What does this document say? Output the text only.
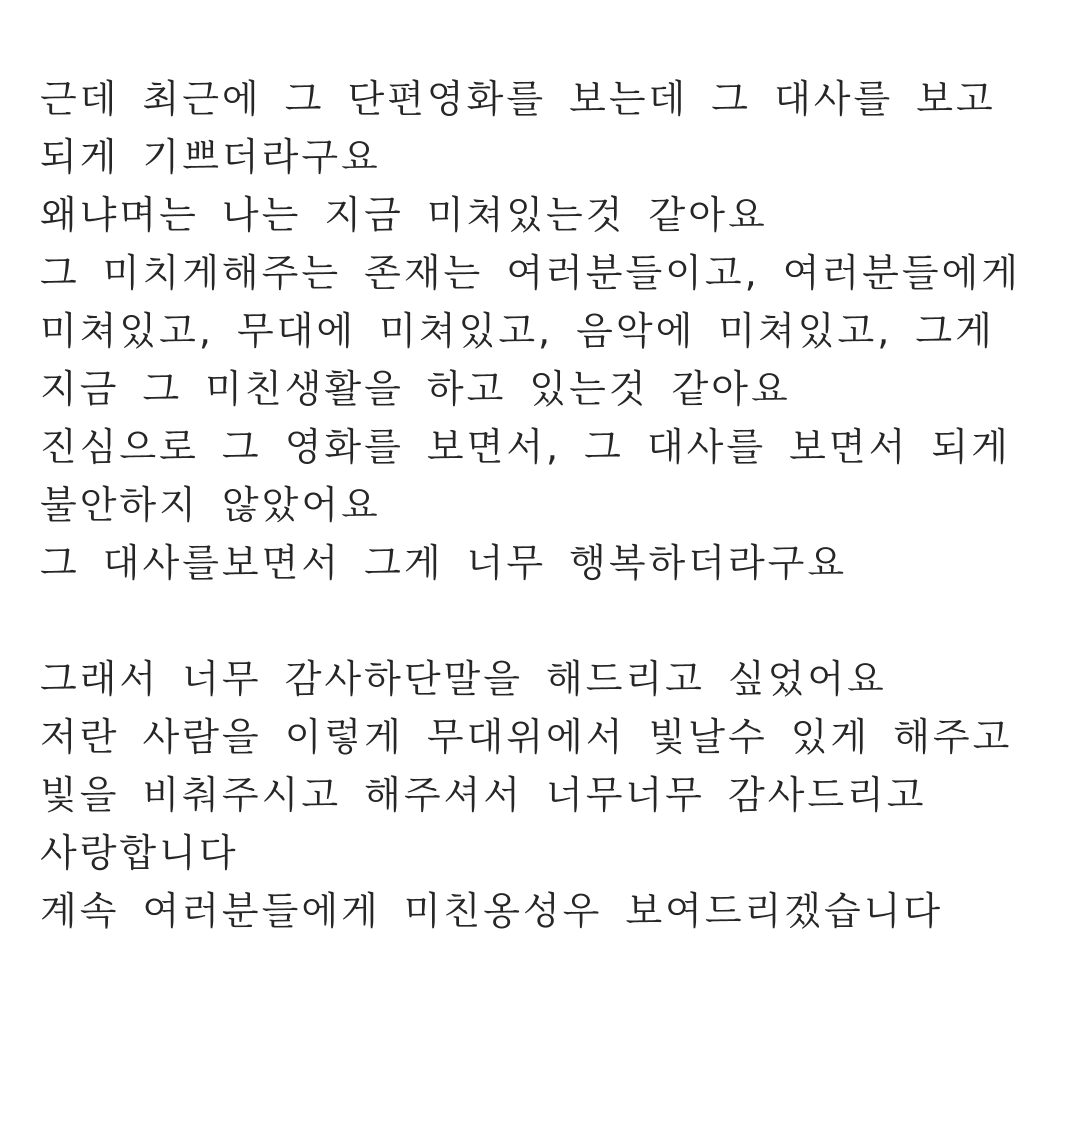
근데 최근에 그 단편영화를 보는데 그 대사를 보고
되게 기쁘더라구요
왜냐며는 나는 지금 미쳐있는것 같아요
그 미치게해주는 존재는 여러분들이고, 여러분들에게
미쳐있고, 무대에 미쳐있고, 음악에 미쳐있고, 그게
지금 그 미친생활을 하고 있는것 같아요
진심으로 그 영화를 보면서, 그 대사를 보면서 되게
불안하지 않았어요
그 대사를보면서 그게 너무 행복하더라구요
그래서 너무 감사하단말을 해드리고 싶었어요
저란 사람을 이렇게 무대위에서 빛날수 있게 해주고
빛을 비춰주시고 해주셔서 너무너무 감사드리고
사랑합니다
계속 여러분들에게 미친옹성우 보여드리겠습니다
